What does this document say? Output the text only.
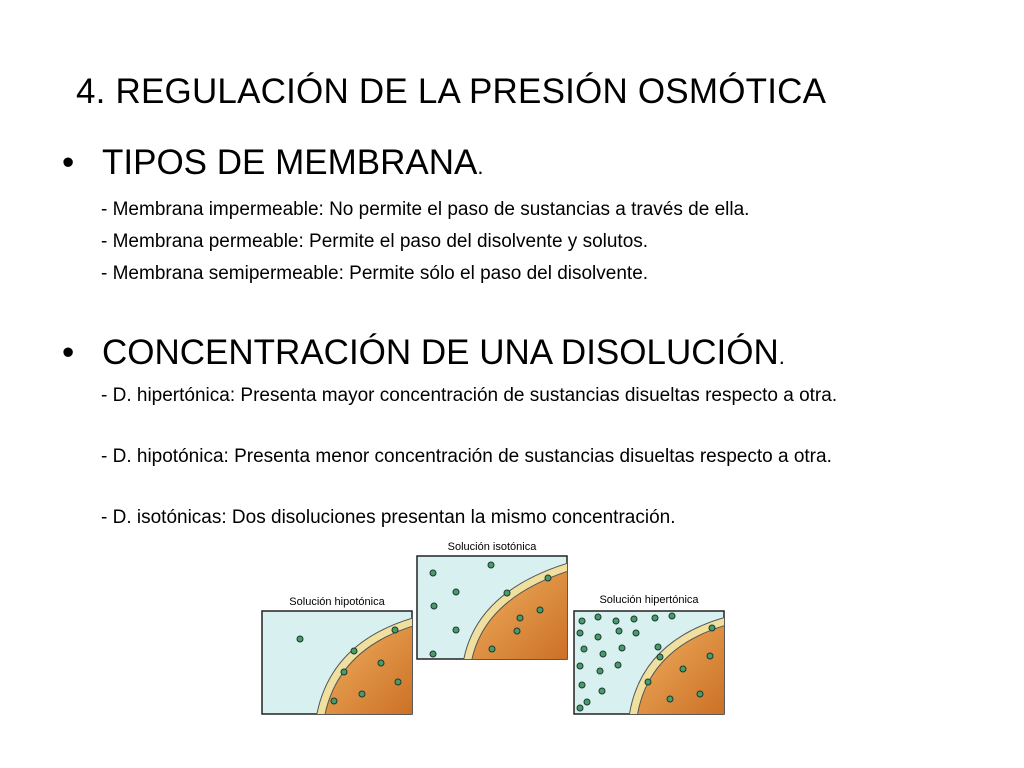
4. REGULACIÓN DE LA PRESIÓN OSMÓTICA
• TIPOS DE MEMBRANA.
- Membrana impermeable: No permite el paso de sustancias a través de ella.
- Membrana permeable: Permite el paso del disolvente y solutos.
- Membrana semipermeable: Permite sólo el paso del disolvente.
• CONCENTRACIÓN DE UNA DISOLUCIÓN.
- D. hipertónica: Presenta mayor concentración de sustancias disueltas respecto a otra.
- D. hipotónica: Presenta menor concentración de sustancias disueltas respecto a otra.
- D. isotónicas: Dos disoluciones presentan la mismo concentración.
Solución hipotónica
Solución isotónica
Solución hipertónica
